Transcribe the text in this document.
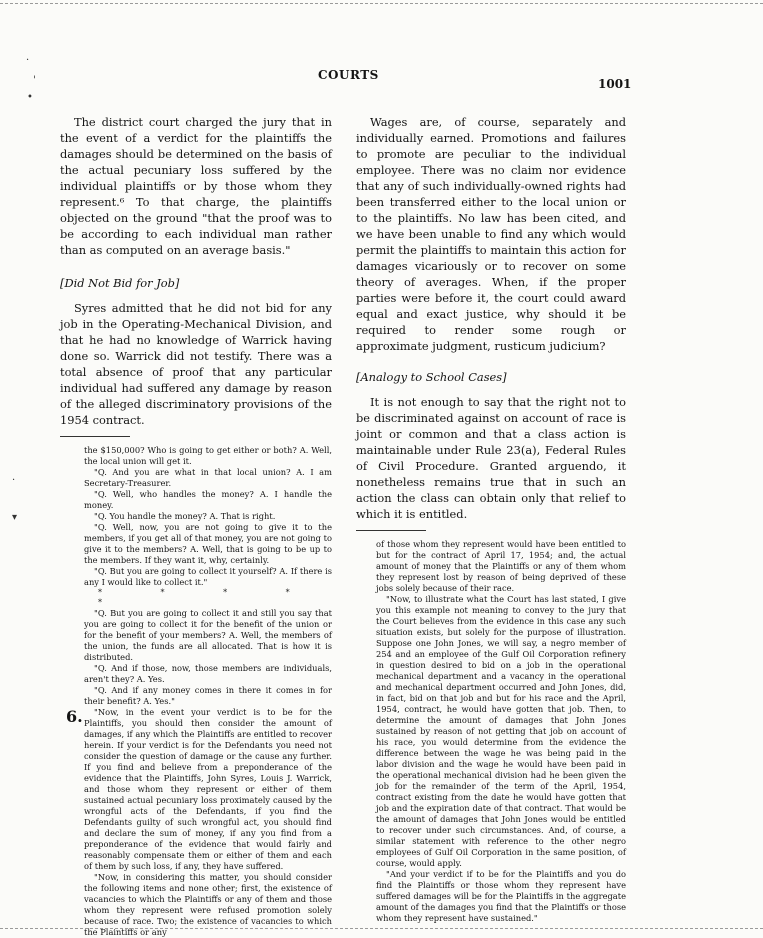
COURTS
1001
·
'
•
·
▾

The district court charged the jury that in the event of a verdict for the plaintiffs the damages should be determined on the basis of the actual pecuniary loss suffered by the individual plaintiffs or by those whom they represent.⁶ To that charge, the plaintiffs objected on the ground "that the proof was to be according to each individual man rather than as computed on an average basis."

[Did Not Bid for Job]

Syres admitted that he did not bid for any job in the Operating-Mechanical Division, and that he had no knowledge of Warrick having done so. Warrick did not testify. There was a total absence of proof that any particular individual had suffered any damage by reason of the alleged discriminatory provisions of the 1954 contract.

the $150,000? Who is going to get either or both? A. Well, the local union will get it.

"Q. And you are what in that local union? A. I am Secretary-Treasurer.

"Q. Well, who handles the money? A. I handle the money.

"Q. You handle the money? A. That is right.

"Q. Well, now, you are not going to give it to the members, if you get all of that money, you are not going to give it to the members? A. Well, that is going to be up to the members. If they want it, why, certainly.

"Q. But you are going to collect it yourself? A. If there is any I would like to collect it."

* * * * *

"Q. But you are going to collect it and still you say that you are going to collect it for the benefit of the union or for the benefit of your members? A. Well, the members of the union, the funds are all allocated. That is how it is distributed.

"Q. And if those, now, those members are individuals, aren't they? A. Yes.

"Q. And if any money comes in there it comes in for their benefit? A. Yes."

6.	"Now, in the event your verdict is to be for the Plaintiffs, you should then consider the amount of damages, if any which the Plaintiffs are entitled to recover herein. If your verdict is for the Defendants you need not consider the question of damage or the cause any further. If you find and believe from a preponderance of the evidence that the Plaintiffs, John Syres, Louis J. Warrick, and those whom they represent or either of them sustained actual pecuniary loss proximately caused by the wrongful acts of the Defendants, if you find the Defendants guilty of such wrongful act, you should find and declare the sum of money, if any you find from a preponderance of the evidence that would fairly and reasonably compensate them or either of them and each of them by such loss, if any, they have suffered.

"Now, in considering this matter, you should consider the following items and none other; first, the existence of vacancies to which the Plaintiffs or any of them and those whom they represent were refused promotion solely because of race. Two; the existence of vacancies to which the Plaintiffs or any

Wages are, of course, separately and individually earned. Promotions and failures to promote are peculiar to the individual employee. There was no claim nor evidence that any of such individually-owned rights had been transferred either to the local union or to the plaintiffs. No law has been cited, and we have been unable to find any which would permit the plaintiffs to maintain this action for damages vicariously or to recover on some theory of averages. When, if the proper parties were before it, the court could award equal and exact justice, why should it be required to render some rough or approximate judgment, rusticum judicium?

[Analogy to School Cases]

It is not enough to say that the right not to be discriminated against on account of race is joint or common and that a class action is maintainable under Rule 23(a), Federal Rules of Civil Procedure. Granted arguendo, it nonetheless remains true that in such an action the class can obtain only that relief to which it is entitled.

of those whom they represent would have been entitled to but for the contract of April 17, 1954; and, the actual amount of money that the Plaintiffs or any of them whom they represent lost by reason of being deprived of these jobs solely because of their race.

"Now, to illustrate what the Court has last stated, I give you this example not meaning to convey to the jury that the Court believes from the evidence in this case any such situation exists, but solely for the purpose of illustration. Suppose one John Jones, we will say, a negro member of 254 and an employee of the Gulf Oil Corporation refinery in question desired to bid on a job in the operational mechanical department and a vacancy in the operational and mechanical department occurred and John Jones, did, in fact, bid on that job and but for his race and the April, 1954, contract, he would have gotten that job. Then, to determine the amount of damages that John Jones sustained by reason of not getting that job on account of his race, you would determine from the evidence the difference between the wage he was being paid in the labor division and the wage he would have been paid in the operational mechanical division had he been given the job for the remainder of the term of the April, 1954, contract existing from the date he would have gotten that job and the expiration date of that contract. That would be the amount of damages that John Jones would be entitled to recover under such circumstances. And, of course, a similar statement with reference to the other negro employees of Gulf Oil Corporation in the same position, of course, would apply.

"And your verdict if to be for the Plaintiffs and you do find the Plaintiffs or those whom they represent have suffered damages will be for the Plaintiffs in the aggregate amount of the damages you find that the Plaintiffs or those whom they represent have sustained."
